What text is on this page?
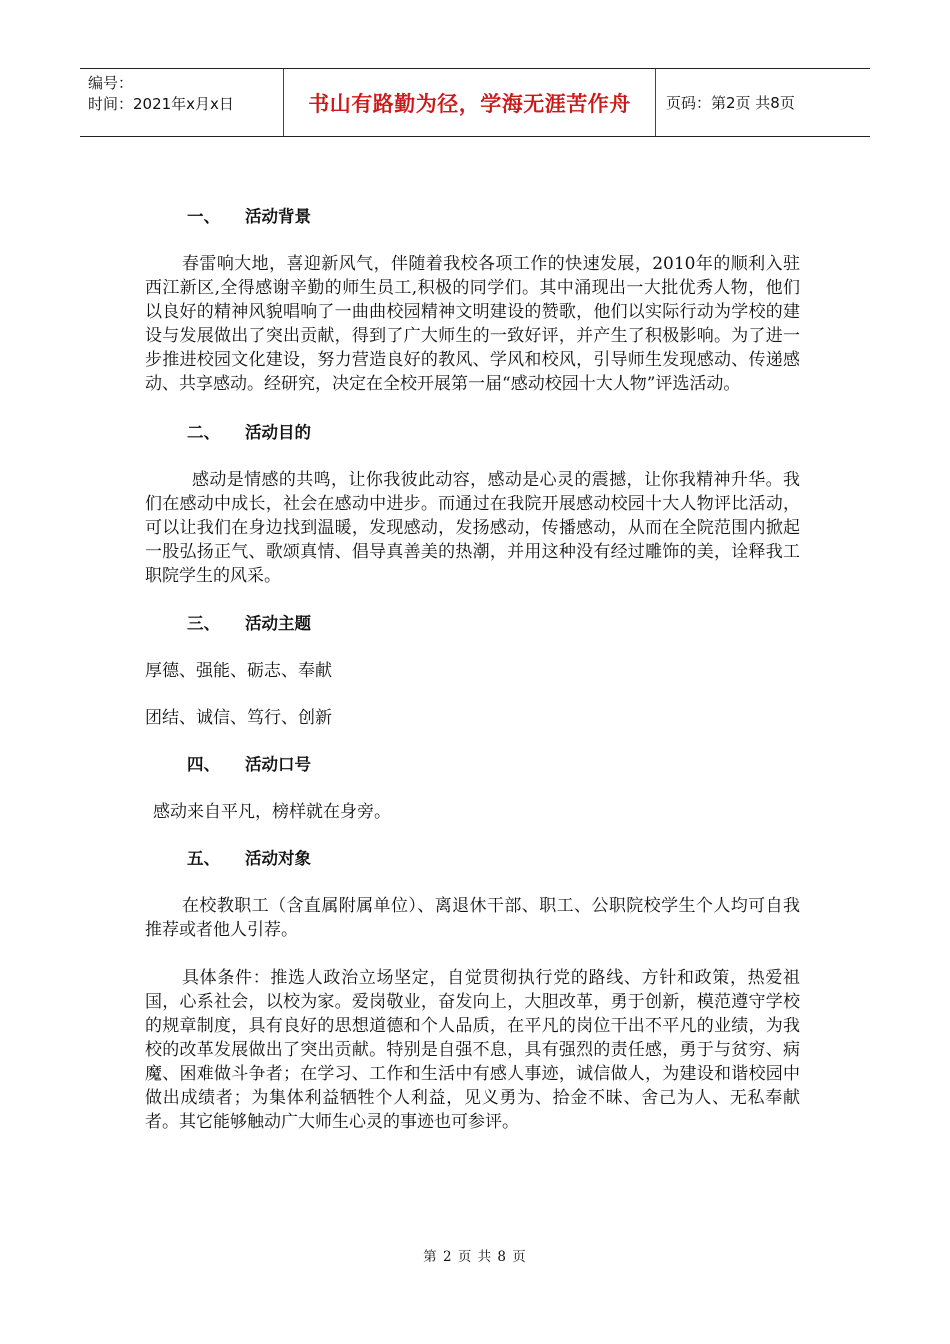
编号：
时间：2021年x月x日	书山有路勤为径，学海无涯苦作舟	页码：第2页 共8页
一、 活动背景

春雷响大地，喜迎新风气，伴随着我校各项工作的快速发展，2010年的顺利入驻西江新区,全得感谢辛勤的师生员工,积极的同学们。其中涌现出一大批优秀人物，他们以良好的精神风貌唱响了一曲曲校园精神文明建设的赞歌，他们以实际行动为学校的建设与发展做出了突出贡献，得到了广大师生的一致好评，并产生了积极影响。为了进一步推进校园文化建设，努力营造良好的教风、学风和校风，引导师生发现感动、传递感动、共享感动。经研究，决定在全校开展第一届“感动校园十大人物”评选活动。

二、 活动目的

感动是情感的共鸣，让你我彼此动容，感动是心灵的震撼，让你我精神升华。我们在感动中成长，社会在感动中进步。而通过在我院开展感动校园十大人物评比活动，可以让我们在身边找到温暖，发现感动，发扬感动，传播感动，从而在全院范围内掀起一股弘扬正气、歌颂真情、倡导真善美的热潮，并用这种没有经过雕饰的美，诠释我工职院学生的风采。

三、 活动主题

厚德、强能、砺志、奉献

团结、诚信、笃行、创新

四、 活动口号

感动来自平凡，榜样就在身旁。

五、 活动对象

在校教职工（含直属附属单位）、离退休干部、职工、公职院校学生个人均可自我推荐或者他人引荐。

具体条件：推选人政治立场坚定，自觉贯彻执行党的路线、方针和政策，热爱祖国，心系社会，以校为家。爱岗敬业，奋发向上，大胆改革，勇于创新，模范遵守学校的规章制度，具有良好的思想道德和个人品质，在平凡的岗位干出不平凡的业绩，为我校的改革发展做出了突出贡献。特别是自强不息，具有强烈的责任感，勇于与贫穷、病魔、困难做斗争者；在学习、工作和生活中有感人事迹，诚信做人，为建设和谐校园中做出成绩者；为集体利益牺牲个人利益，见义勇为、拾金不昧、舍己为人、无私奉献者。其它能够触动广大师生心灵的事迹也可参评。

第 2 页 共 8 页
